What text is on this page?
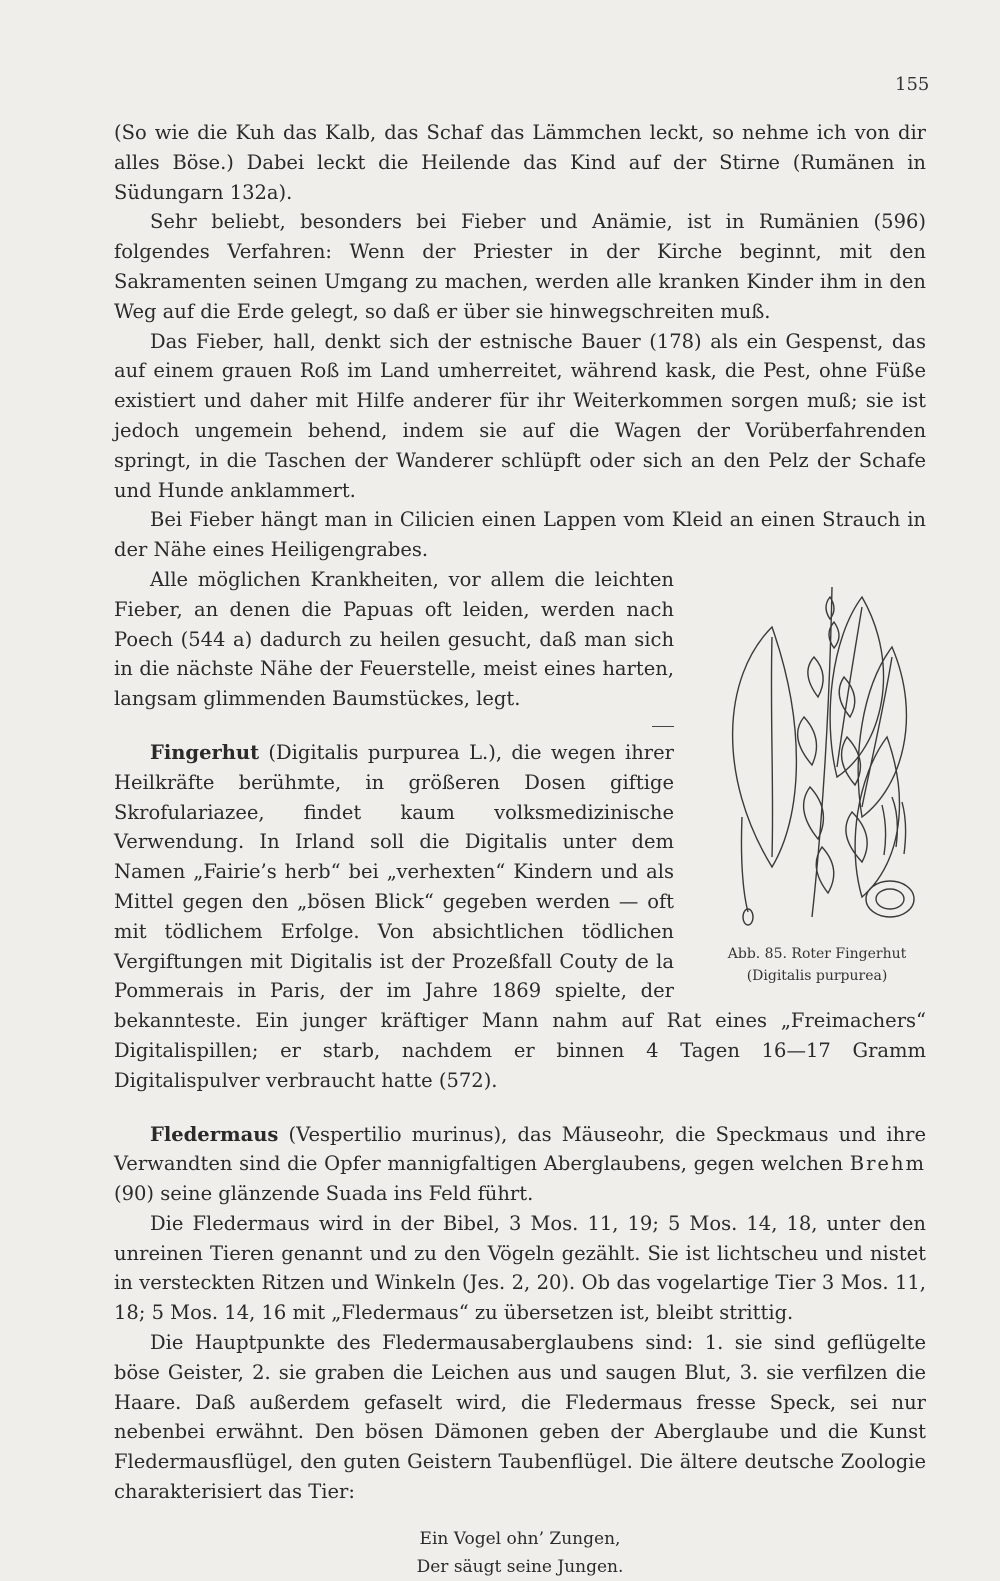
155

(So wie die Kuh das Kalb, das Schaf das Lämmchen leckt, so nehme ich von dir alles Böse.) Dabei leckt die Heilende das Kind auf der Stirne (Rumänen in Südungarn 132a).

Sehr beliebt, besonders bei Fieber und Anämie, ist in Rumänien (596) folgendes Verfahren: Wenn der Priester in der Kirche beginnt, mit den Sakramenten seinen Umgang zu machen, werden alle kranken Kinder ihm in den Weg auf die Erde gelegt, so daß er über sie hinwegschreiten muß.

Das Fieber, hall, denkt sich der estnische Bauer (178) als ein Gespenst, das auf einem grauen Roß im Land umherreitet, während kask, die Pest, ohne Füße existiert und daher mit Hilfe anderer für ihr Weiterkommen sorgen muß; sie ist jedoch ungemein behend, indem sie auf die Wagen der Vorüberfahrenden springt, in die Taschen der Wanderer schlüpft oder sich an den Pelz der Schafe und Hunde anklammert.

Bei Fieber hängt man in Cilicien einen Lappen vom Kleid an einen Strauch in der Nähe eines Heiligengrabes.

Abb. 85. Roter Fingerhut
(Digitalis purpurea)

Alle möglichen Krankheiten, vor allem die leichten Fieber, an denen die Papuas oft leiden, werden nach Poech (544 a) dadurch zu heilen gesucht, daß man sich in die nächste Nähe der Feuerstelle, meist eines harten, langsam glimmenden Baumstückes, legt.

Fingerhut (Digitalis purpurea L.), die wegen ihrer Heilkräfte berühmte, in größeren Dosen giftige Skrofulariazee, findet kaum volksmedizinische Verwendung. In Irland soll die Digitalis unter dem Namen „Fairie’s herb“ bei „verhexten“ Kindern und als Mittel gegen den „bösen Blick“ gegeben werden — oft mit tödlichem Erfolge. Von absichtlichen tödlichen Vergiftungen mit Digitalis ist der Prozeßfall Couty de la Pommerais in Paris, der im Jahre 1869 spielte, der bekannteste. Ein junger kräftiger Mann nahm auf Rat eines „Freimachers“ Digitalispillen; er starb, nachdem er binnen 4 Tagen 16—17 Gramm Digitalispulver verbraucht hatte (572).

Fledermaus (Vespertilio murinus), das Mäuseohr, die Speckmaus und ihre Verwandten sind die Opfer mannigfaltigen Aberglaubens, gegen welchen Brehm (90) seine glänzende Suada ins Feld führt.

Die Fledermaus wird in der Bibel, 3 Mos. 11, 19; 5 Mos. 14, 18, unter den unreinen Tieren genannt und zu den Vögeln gezählt. Sie ist lichtscheu und nistet in versteckten Ritzen und Winkeln (Jes. 2, 20). Ob das vogelartige Tier 3 Mos. 11, 18; 5 Mos. 14, 16 mit „Fledermaus“ zu übersetzen ist, bleibt strittig.

Die Hauptpunkte des Fledermausaberglaubens sind: 1. sie sind geflügelte böse Geister, 2. sie graben die Leichen aus und saugen Blut, 3. sie verfilzen die Haare. Daß außerdem gefaselt wird, die Fledermaus fresse Speck, sei nur nebenbei erwähnt. Den bösen Dämonen geben der Aberglaube und die Kunst Fledermausflügel, den guten Geistern Taubenflügel. Die ältere deutsche Zoologie charakterisiert das Tier:

Ein Vogel ohn’ Zungen,
Der säugt seine Jungen.
